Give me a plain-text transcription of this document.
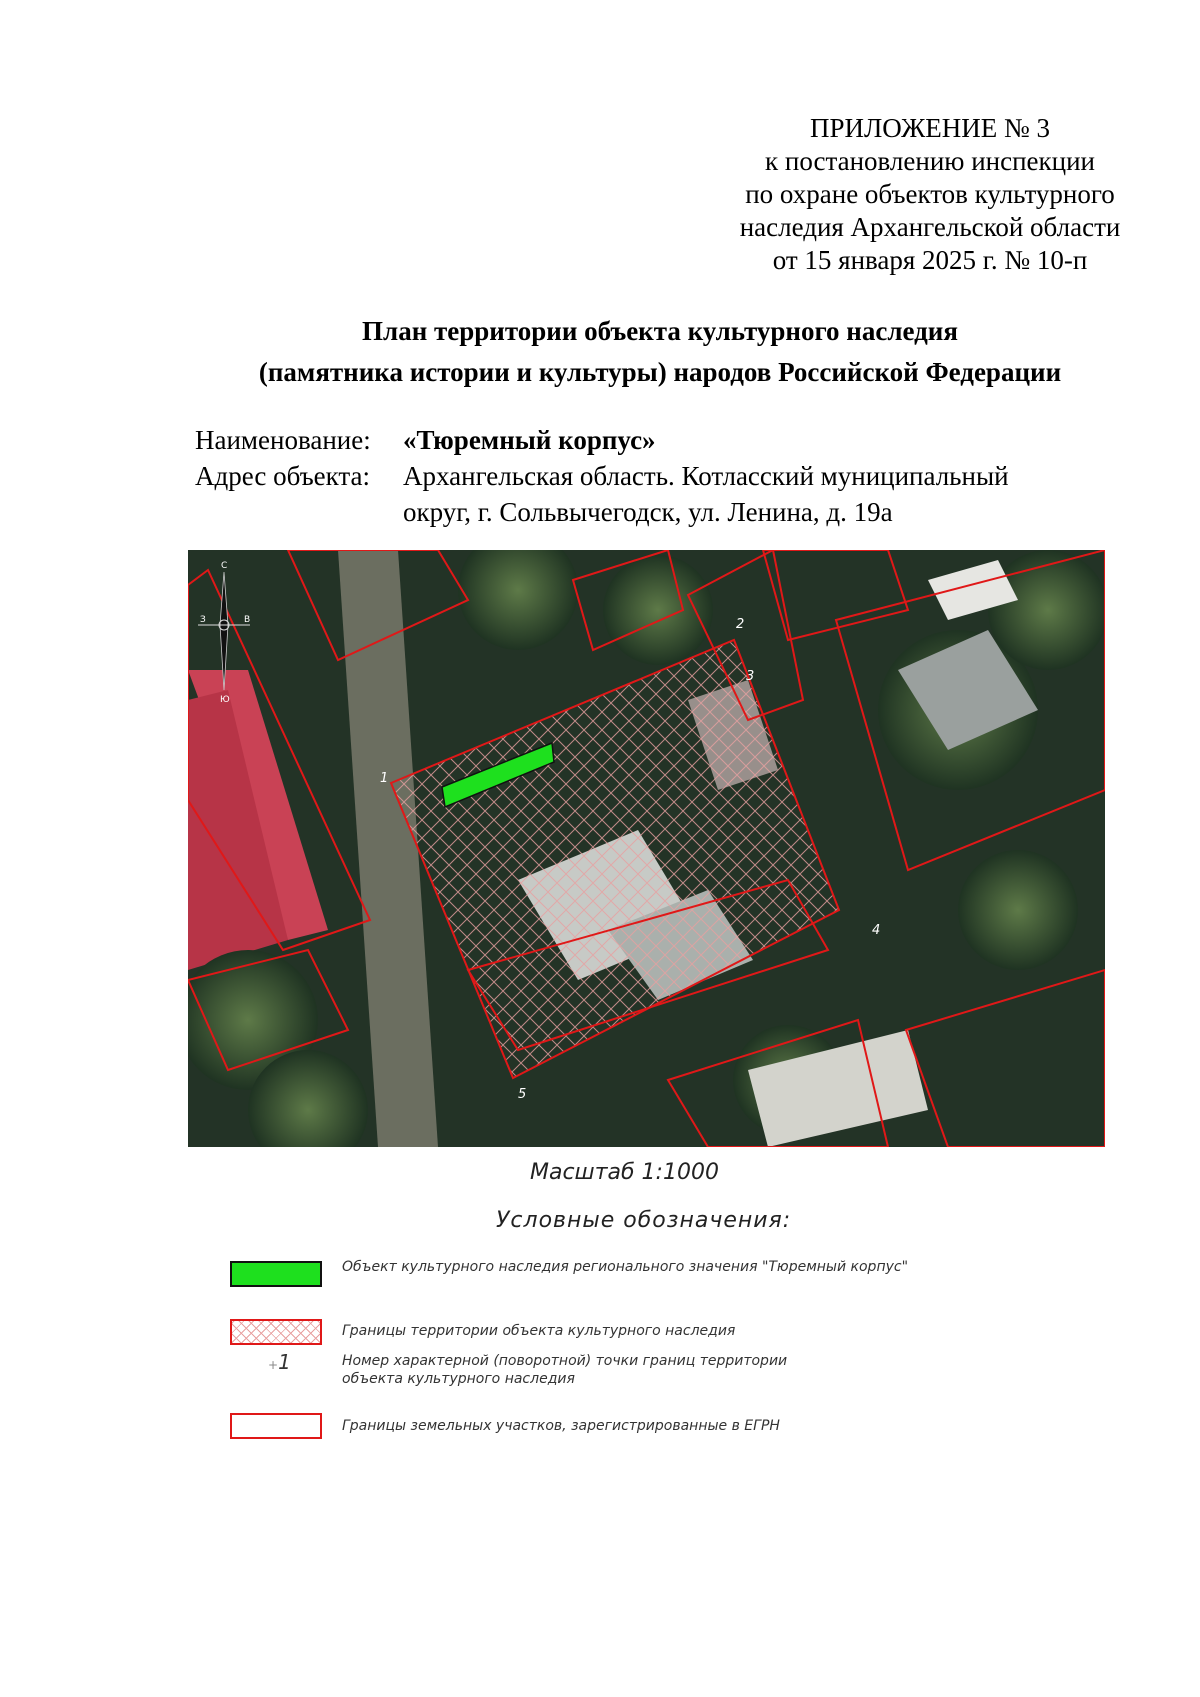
ПРИЛОЖЕНИЕ № 3
к постановлению инспекции
по охране объектов культурного
наследия Архангельской области
от 15 января 2025 г. № 10-п
План территории объекта культурного наследия
(памятника истории и культуры) народов Российской Федерации
Наименование:	«Тюремный корпус»
Адрес объекта:	Архангельская область. Котласский муниципальный
округ, г. Сольвычегодск, ул. Ленина, д. 19а
1
2
3
4
5
С
З	В
Ю
Масштаб 1:1000
Условные обозначения:
Объект культурного наследия регионального значения "Тюремный корпус"
Границы территории объекта культурного наследия
+1	Номер характерной (поворотной) точки границ территории
объекта культурного наследия
Границы земельных участков, зарегистрированные в ЕГРН
